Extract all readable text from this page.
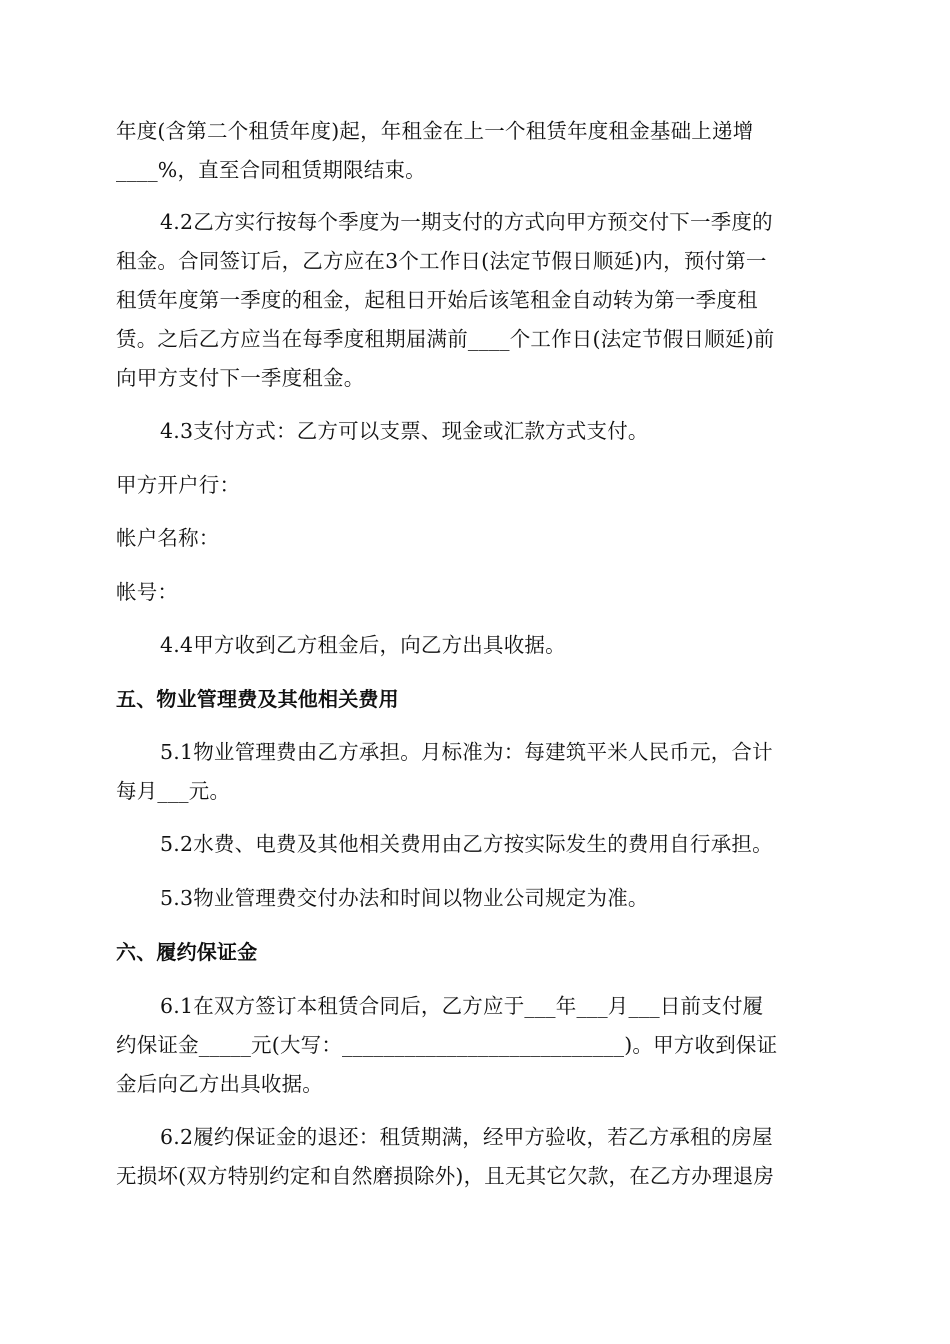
年度(含第二个租赁年度)起，年租金在上一个租赁年度租金基础上递增

____%，直至合同租赁期限结束。

4.2乙方实行按每个季度为一期支付的方式向甲方预交付下一季度的

租金。合同签订后，乙方应在3个工作日(法定节假日顺延)内，预付第一

租赁年度第一季度的租金，起租日开始后该笔租金自动转为第一季度租

赁。之后乙方应当在每季度租期届满前____个工作日(法定节假日顺延)前

向甲方支付下一季度租金。

4.3支付方式：乙方可以支票、现金或汇款方式支付。

甲方开户行：

帐户名称：

帐号：

4.4甲方收到乙方租金后，向乙方出具收据。

五、物业管理费及其他相关费用

5.1物业管理费由乙方承担。月标准为：每建筑平米人民币元，合计

每月___元。

5.2水费、电费及其他相关费用由乙方按实际发生的费用自行承担。

5.3物业管理费交付办法和时间以物业公司规定为准。

六、履约保证金

6.1在双方签订本租赁合同后，乙方应于___年___月___日前支付履

约保证金_____元(大写：___________________________)。甲方收到保证

金后向乙方出具收据。

6.2履约保证金的退还：租赁期满，经甲方验收，若乙方承租的房屋

无损坏(双方特别约定和自然磨损除外)，且无其它欠款，在乙方办理退房
